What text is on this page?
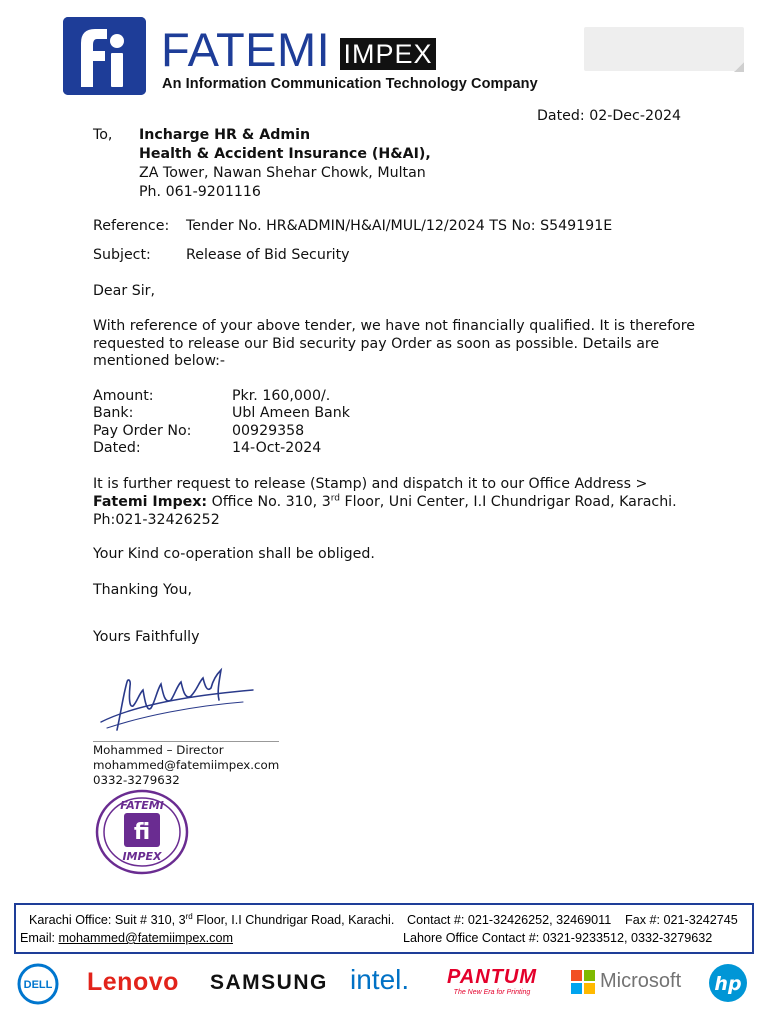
FATEMI IMPEX
An Information Communication Technology Company
Dated: 02-Dec-2024
To, Incharge HR & Admin
Health & Accident Insurance (H&AI),
ZA Tower, Nawan Shehar Chowk, Multan
Ph. 061-9201116
Reference: Tender No. HR&ADMIN/H&AI/MUL/12/2024 TS No: S549191E
Subject: Release of Bid Security
Dear Sir,
With reference of your above tender, we have not financially qualified. It is therefore
requested to release our Bid security pay Order as soon as possible. Details are
mentioned below:-
Amount:	Pkr. 160,000/.
Bank:	Ubl Ameen Bank
Pay Order No:	00929358
Dated:	14-Oct-2024
It is further request to release (Stamp) and dispatch it to our Office Address >
Fatemi Impex: Office No. 310, 3rd Floor, Uni Center, I.I Chundrigar Road, Karachi.
Ph:021-32426252
Your Kind co-operation shall be obliged.
Thanking You,
Yours Faithfully
Mohammed – Director
mohammed@fatemiimpex.com
0332-3279632
fi
FATEMI
IMPEX
Karachi Office: Suit # 310, 3rd Floor, I.I Chundrigar Road, Karachi. Contact #: 021-32426252, 32469011 Fax #: 021-3242745
Email: mohammed@fatemiimpex.com	Lahore Office Contact #: 0321-9233512, 0332-3279632
DELL Lenovo SAMSUNG intel.	PANTUM
The New Era for Printing
Microsoft hp
